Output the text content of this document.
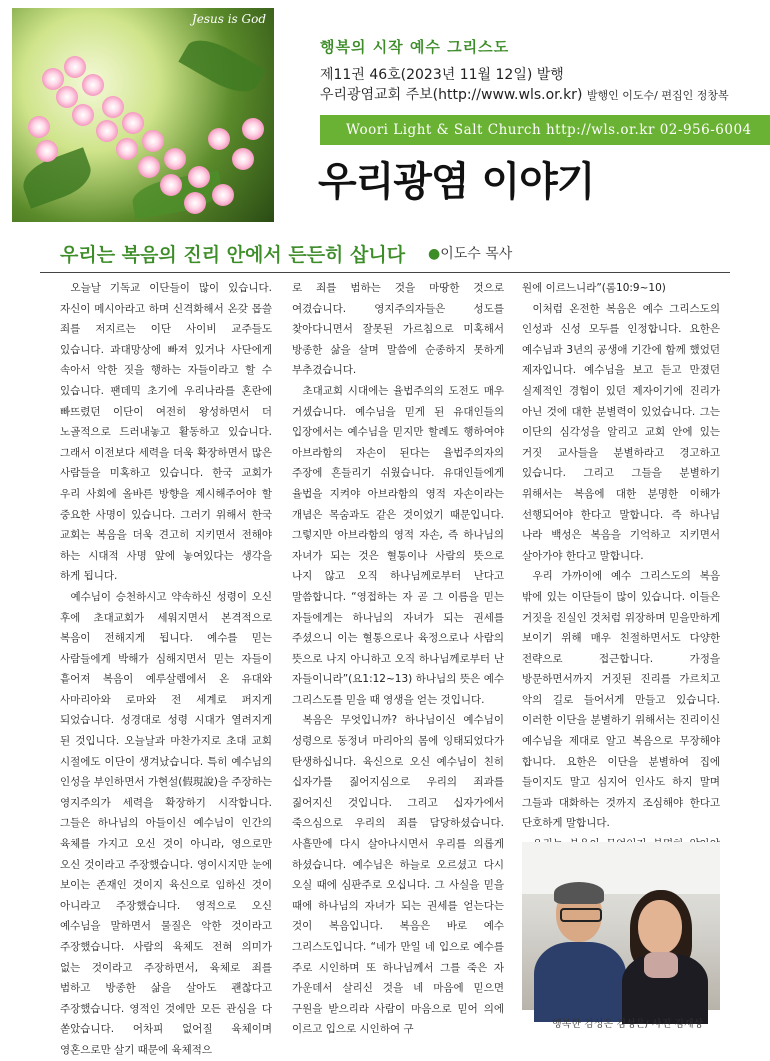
Jesus is God
행복의 시작 예수 그리스도
제11권 46호(2023년 11월 12일) 발행
우리광염교회 주보(http://www.wls.or.kr) 발행인 이도수/ 편집인 정창복
Woori Light & Salt Church http://wls.or.kr 02-956-6004
우리광염 이야기
우리는 복음의 진리 안에서 든든히 삽니다 ●이도수 목사

오늘날 기독교 이단들이 많이 있습니다. 자신이 메시아라고 하며 신격화해서 온갖 몹쓸 죄를 저지르는 이단 사이비 교주들도 있습니다. 과대망상에 빠져 있거나 사단에게 속아서 악한 짓을 행하는 자들이라고 할 수 있습니다. 팬데믹 초기에 우리나라를 혼란에 빠뜨렸던 이단이 여전히 왕성하면서 더 노골적으로 드러내놓고 활동하고 있습니다. 그래서 이전보다 세력을 더욱 확장하면서 많은 사람들을 미혹하고 있습니다. 한국 교회가 우리 사회에 올바른 방향을 제시해주어야 할 중요한 사명이 있습니다. 그러기 위해서 한국 교회는 복음을 더욱 견고히 지키면서 전해야 하는 시대적 사명 앞에 놓여있다는 생각을 하게 됩니다.

예수님이 승천하시고 약속하신 성령이 오신 후에 초대교회가 세워지면서 본격적으로 복음이 전해지게 됩니다. 예수를 믿는 사람들에게 박해가 심해지면서 믿는 자들이 흩어져 복음이 예루살렘에서 온 유대와 사마리아와 로마와 전 세계로 퍼지게 되었습니다. 성경대로 성령 시대가 열려지게 된 것입니다. 오늘날과 마찬가지로 초대 교회 시절에도 이단이 생겨났습니다. 특히 예수님의 인성을 부인하면서 가현설(假現說)을 주장하는 영지주의가 세력을 확장하기 시작합니다. 그들은 하나님의 아들이신 예수님이 인간의 육체를 가지고 오신 것이 아니라, 영으로만 오신 것이라고 주장했습니다. 영이시지만 눈에 보이는 존재인 것이지 육신으로 임하신 것이 아니라고 주장했습니다. 영적으로 오신 예수님을 말하면서 물질은 악한 것이라고 주장했습니다. 사람의 육체도 전혀 의미가 없는 것이라고 주장하면서, 육체로 죄를 범하고 방종한 삶을 살아도 괜찮다고 주장했습니다. 영적인 것에만 모든 관심을 다 쏟았습니다. 어차피 없어질 육체이며 영혼으로만 살기 때문에 육체적으

로 죄를 범하는 것을 마땅한 것으로 여겼습니다. 영지주의자들은 성도를 찾아다니면서 잘못된 가르침으로 미혹해서 방종한 삶을 살며 말씀에 순종하지 못하게 부추겼습니다.

초대교회 시대에는 율법주의의 도전도 매우 거셌습니다. 예수님을 믿게 된 유대인들의 입장에서는 예수님을 믿지만 할례도 행하여야 아브라함의 자손이 된다는 율법주의자의 주장에 흔들리기 쉬웠습니다. 유대인들에게 율법을 지켜야 아브라함의 영적 자손이라는 개념은 목숨과도 같은 것이었기 때문입니다. 그렇지만 아브라함의 영적 자손, 즉 하나님의 자녀가 되는 것은 혈통이나 사람의 뜻으로 나지 않고 오직 하나님께로부터 난다고 말씀합니다. “영접하는 자 곧 그 이름을 믿는 자들에게는 하나님의 자녀가 되는 권세를 주셨으니 이는 혈통으로나 육정으로나 사람의 뜻으로 나지 아니하고 오직 하나님께로부터 난 자들이니라”(요1:12~13) 하나님의 뜻은 예수 그리스도를 믿을 때 영생을 얻는 것입니다.

복음은 무엇입니까? 하나님이신 예수님이 성령으로 동정녀 마리아의 몸에 잉태되었다가 탄생하십니다. 육신으로 오신 예수님이 친히 십자가를 짊어지심으로 우리의 죄과를 짊어지신 것입니다. 그리고 십자가에서 죽으심으로 우리의 죄를 담당하셨습니다. 사흘만에 다시 살아나시면서 우리를 의롭게 하셨습니다. 예수님은 하늘로 오르셨고 다시 오실 때에 심판주로 오십니다. 그 사실을 믿을 때에 하나님의 자녀가 되는 권세를 얻는다는 것이 복음입니다. 복음은 바로 예수 그리스도입니다. “네가 만일 네 입으로 예수를 주로 시인하며 또 하나님께서 그를 죽은 자 가운데서 살리신 것을 네 마음에 믿으면 구원을 받으리라 사람이 마음으로 믿어 의에 이르고 입으로 시인하여 구

원에 이르느니라”(롬10:9~10)

이처럼 온전한 복음은 예수 그리스도의 인성과 신성 모두를 인정합니다. 요한은 예수님과 3년의 공생애 기간에 함께 했었던 제자입니다. 예수님을 보고 듣고 만졌던 실제적인 경험이 있던 제자이기에 진리가 아닌 것에 대한 분별력이 있었습니다. 그는 이단의 심각성을 알리고 교회 안에 있는 거짓 교사들을 분별하라고 경고하고 있습니다. 그리고 그들을 분별하기 위해서는 복음에 대한 분명한 이해가 선행되어야 한다고 말합니다. 즉 하나님 나라 백성은 복음을 기억하고 지키면서 살아가야 한다고 말합니다.

우리 가까이에 예수 그리스도의 복음 밖에 있는 이단들이 많이 있습니다. 이들은 거짓을 진실인 것처럼 위장하며 믿을만하게 보이기 위해 매우 친절하면서도 다양한 전략으로 접근합니다. 가정을 방문하면서까지 거짓된 진리를 가르치고 악의 길로 들어서게 만들고 있습니다. 이러한 이단을 분별하기 위해서는 진리이신 예수님을 제대로 알고 복음으로 무장해야 합니다. 요한은 이단을 분별하여 집에 들이지도 말고 심지어 인사도 하지 말며 그들과 대화하는 것까지 조심해야 한다고 단호하게 말합니다.

행복한 김성은 김성은/ 사진 김재상
